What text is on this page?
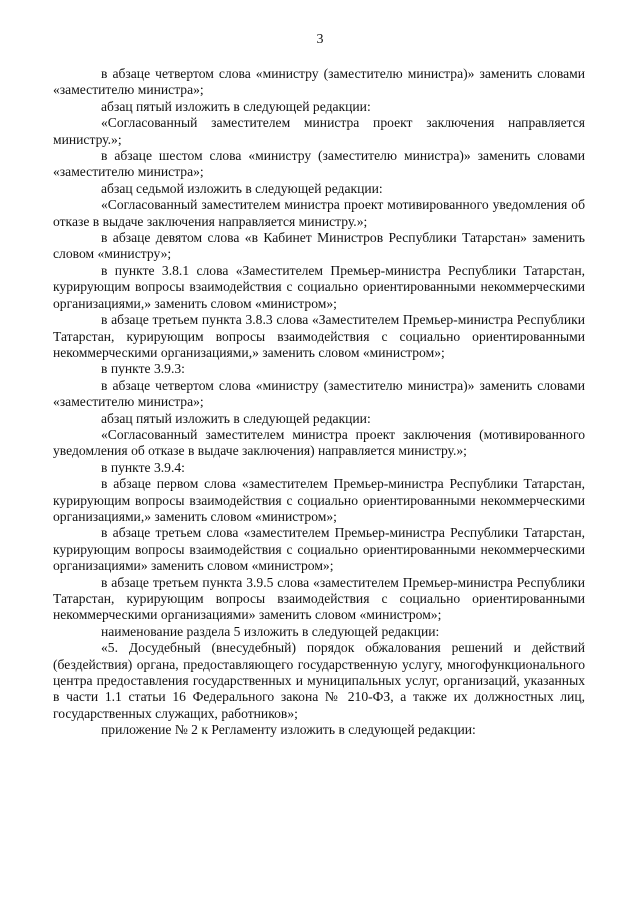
3

в абзаце четвертом слова «министру (заместителю министра)» заменить словами «заместителю министра»;

абзац пятый изложить в следующей редакции:

«Согласованный заместителем министра проект заключения направляется министру.»;

в абзаце шестом слова «министру (заместителю министра)» заменить словами «заместителю министра»;

абзац седьмой изложить в следующей редакции:

«Согласованный заместителем министра проект мотивированного уведомления об отказе в выдаче заключения направляется министру.»;

в абзаце девятом слова «в Кабинет Министров Республики Татарстан» заменить словом «министру»;

в пункте 3.8.1 слова «Заместителем Премьер-министра Республики Татарстан, курирующим вопросы взаимодействия с социально ориентированными некоммерческими организациями,» заменить словом «министром»;

в абзаце третьем пункта 3.8.3 слова «Заместителем Премьер-министра Республики Татарстан, курирующим вопросы взаимодействия с социально ориентированными некоммерческими организациями,» заменить словом «министром»;

в пункте 3.9.3:

в абзаце четвертом слова «министру (заместителю министра)» заменить словами «заместителю министра»;

абзац пятый изложить в следующей редакции:

«Согласованный заместителем министра проект заключения (мотивированного уведомления об отказе в выдаче заключения) направляется министру.»;

в пункте 3.9.4:

в абзаце первом слова «заместителем Премьер-министра Республики Татарстан, курирующим вопросы взаимодействия с социально ориентированными некоммерческими организациями,» заменить словом «министром»;

в абзаце третьем слова «заместителем Премьер-министра Республики Татарстан, курирующим вопросы взаимодействия с социально ориентированными некоммерческими организациями» заменить словом «министром»;

в абзаце третьем пункта 3.9.5 слова «заместителем Премьер-министра Республики Татарстан, курирующим вопросы взаимодействия с социально ориентированными некоммерческими организациями» заменить словом «министром»;

наименование раздела 5 изложить в следующей редакции:

«5. Досудебный (внесудебный) порядок обжалования решений и действий (бездействия) органа, предоставляющего государственную услугу, многофункционального центра предоставления государственных и муниципальных услуг, организаций, указанных в части 1.1 статьи 16 Федерального закона № 210-ФЗ, а также их должностных лиц, государственных служащих, работников»;

приложение № 2 к Регламенту изложить в следующей редакции:
